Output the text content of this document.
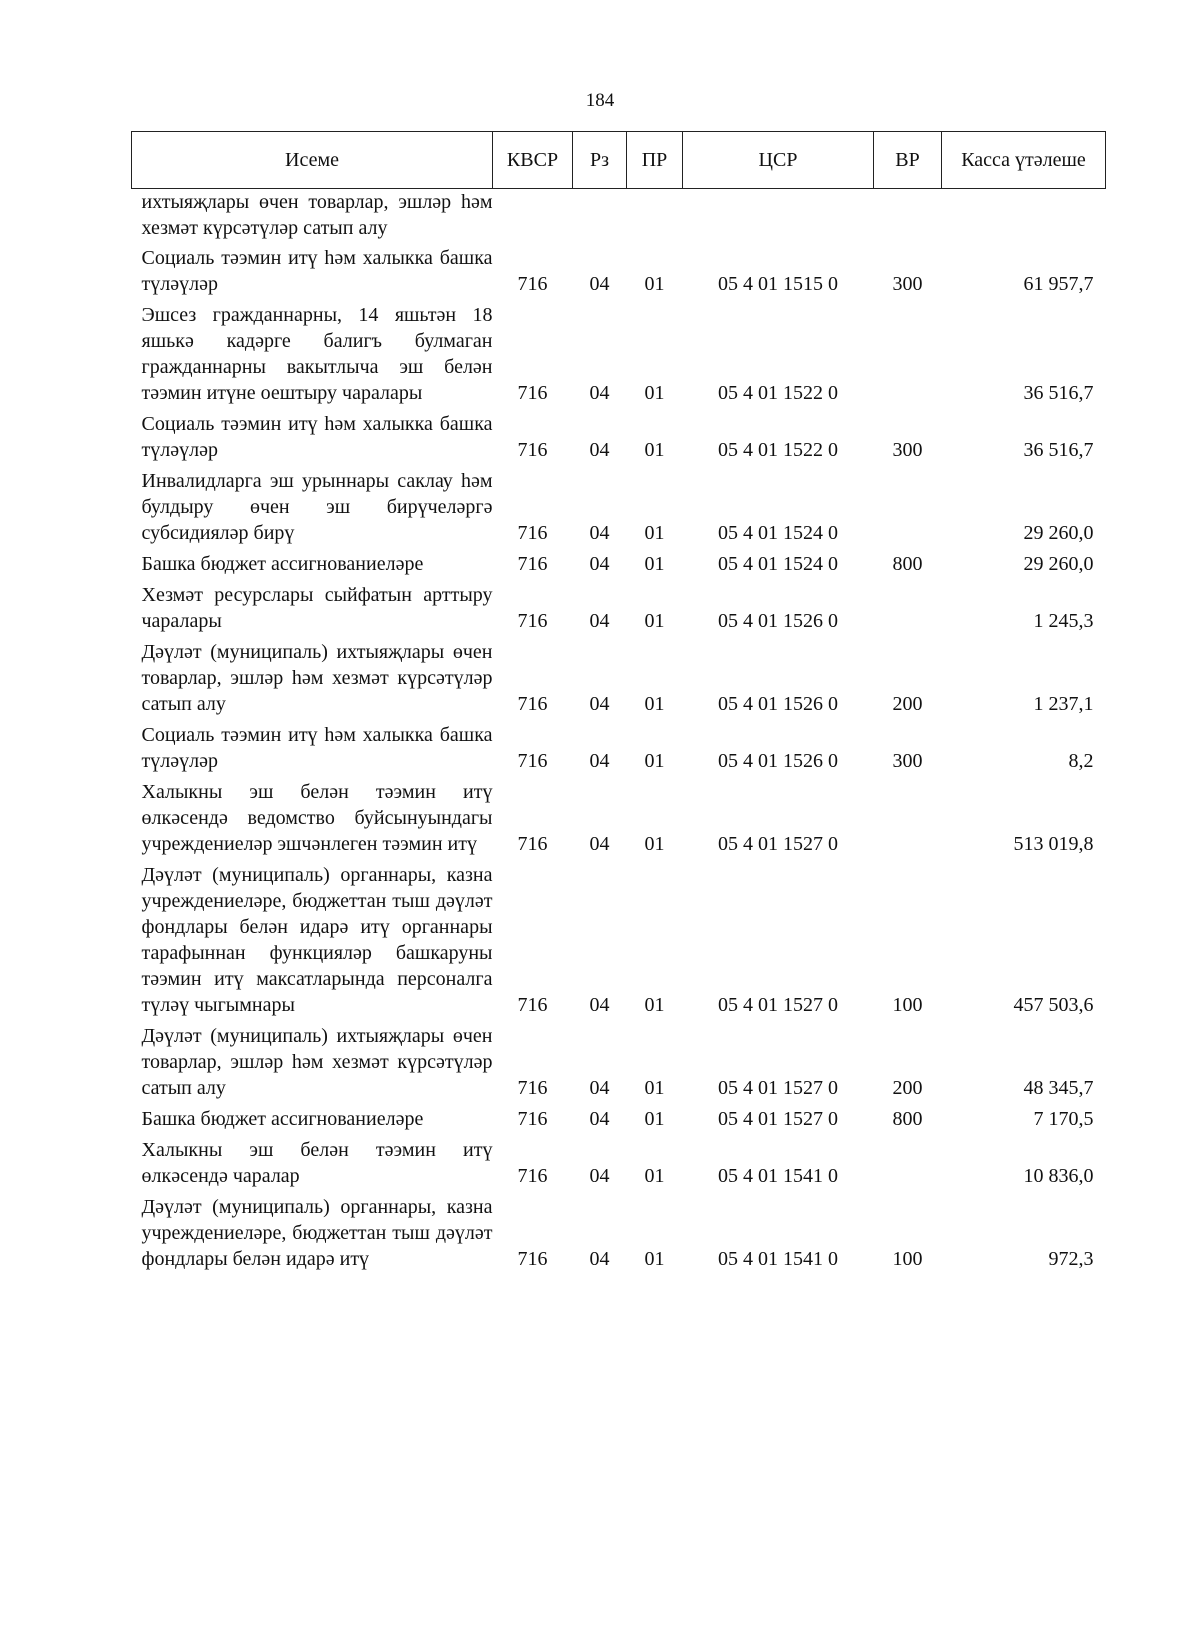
184
Исеме	КВСР	Рз	ПР	ЦСР	ВР	Касса үтәлеше
ихтыяҗлары өчен товарлар, эшләр һәм хезмәт күрсәтүләр сатып алу						
Социаль тәэмин итү һәм халыкка башка түләүләр	716	04	01	05 4 01 1515 0	300	61 957,7
Эшсез гражданнарны, 14 яшьтән 18 яшькә кадәрге балигъ булмаган гражданнарны вакытлыча эш белән тәэмин итүне оештыру чаралары	716	04	01	05 4 01 1522 0		36 516,7
Социаль тәэмин итү һәм халыкка башка түләүләр	716	04	01	05 4 01 1522 0	300	36 516,7
Инвалидларга эш урыннары саклау һәм булдыру өчен эш бирүчеләргә субсидияләр бирү	716	04	01	05 4 01 1524 0		29 260,0
Башка бюджет ассигнованиеләре	716	04	01	05 4 01 1524 0	800	29 260,0
Хезмәт ресурслары сыйфатын арттыру чаралары	716	04	01	05 4 01 1526 0		1 245,3
Дәүләт (муниципаль) ихтыяҗлары өчен товарлар, эшләр һәм хезмәт күрсәтүләр сатып алу	716	04	01	05 4 01 1526 0	200	1 237,1
Социаль тәэмин итү һәм халыкка башка түләүләр	716	04	01	05 4 01 1526 0	300	8,2
Халыкны эш белән тәэмин итү өлкәсендә ведомство буйсынуындагы учреждениеләр эшчәнлеген тәэмин итү	716	04	01	05 4 01 1527 0		513 019,8
Дәүләт (муниципаль) органнары, казна учреждениеләре, бюджеттан тыш дәүләт фондлары белән идарә итү органнары тарафыннан функцияләр башкаруны тәэмин итү максатларында персоналга түләү чыгымнары	716	04	01	05 4 01 1527 0	100	457 503,6
Дәүләт (муниципаль) ихтыяҗлары өчен товарлар, эшләр һәм хезмәт күрсәтүләр сатып алу	716	04	01	05 4 01 1527 0	200	48 345,7
Башка бюджет ассигнованиеләре	716	04	01	05 4 01 1527 0	800	7 170,5
Халыкны эш белән тәэмин итү өлкәсендә чаралар	716	04	01	05 4 01 1541 0		10 836,0
Дәүләт (муниципаль) органнары, казна учреждениеләре, бюджеттан тыш дәүләт фондлары белән идарә итү	716	04	01	05 4 01 1541 0	100	972,3
